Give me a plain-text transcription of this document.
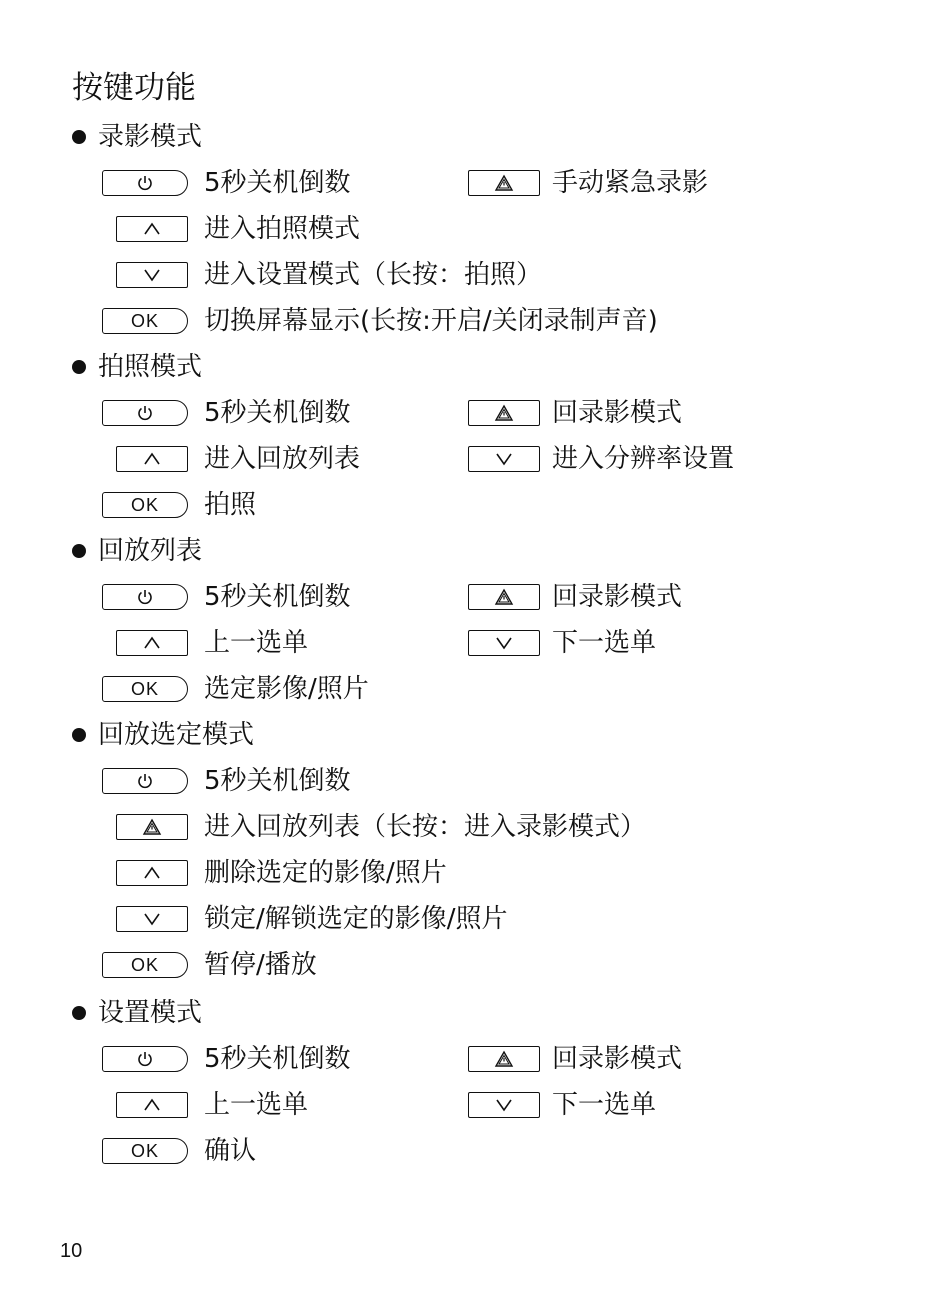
按键功能
录影模式
5秒关机倒数	手动紧急录影
进入拍照模式
进入设置模式（长按：拍照）
OK 切换屏幕显示(长按:开启/关闭录制声音)
拍照模式
5秒关机倒数	回录影模式
进入回放列表	进入分辨率设置
OK 拍照
回放列表
5秒关机倒数	回录影模式
上一选单	下一选单
OK 选定影像/照片
回放选定模式
5秒关机倒数
进入回放列表（长按：进入录影模式）
删除选定的影像/照片
锁定/解锁选定的影像/照片
OK 暂停/播放
设置模式
5秒关机倒数	回录影模式
上一选单	下一选单
OK 确认
10
